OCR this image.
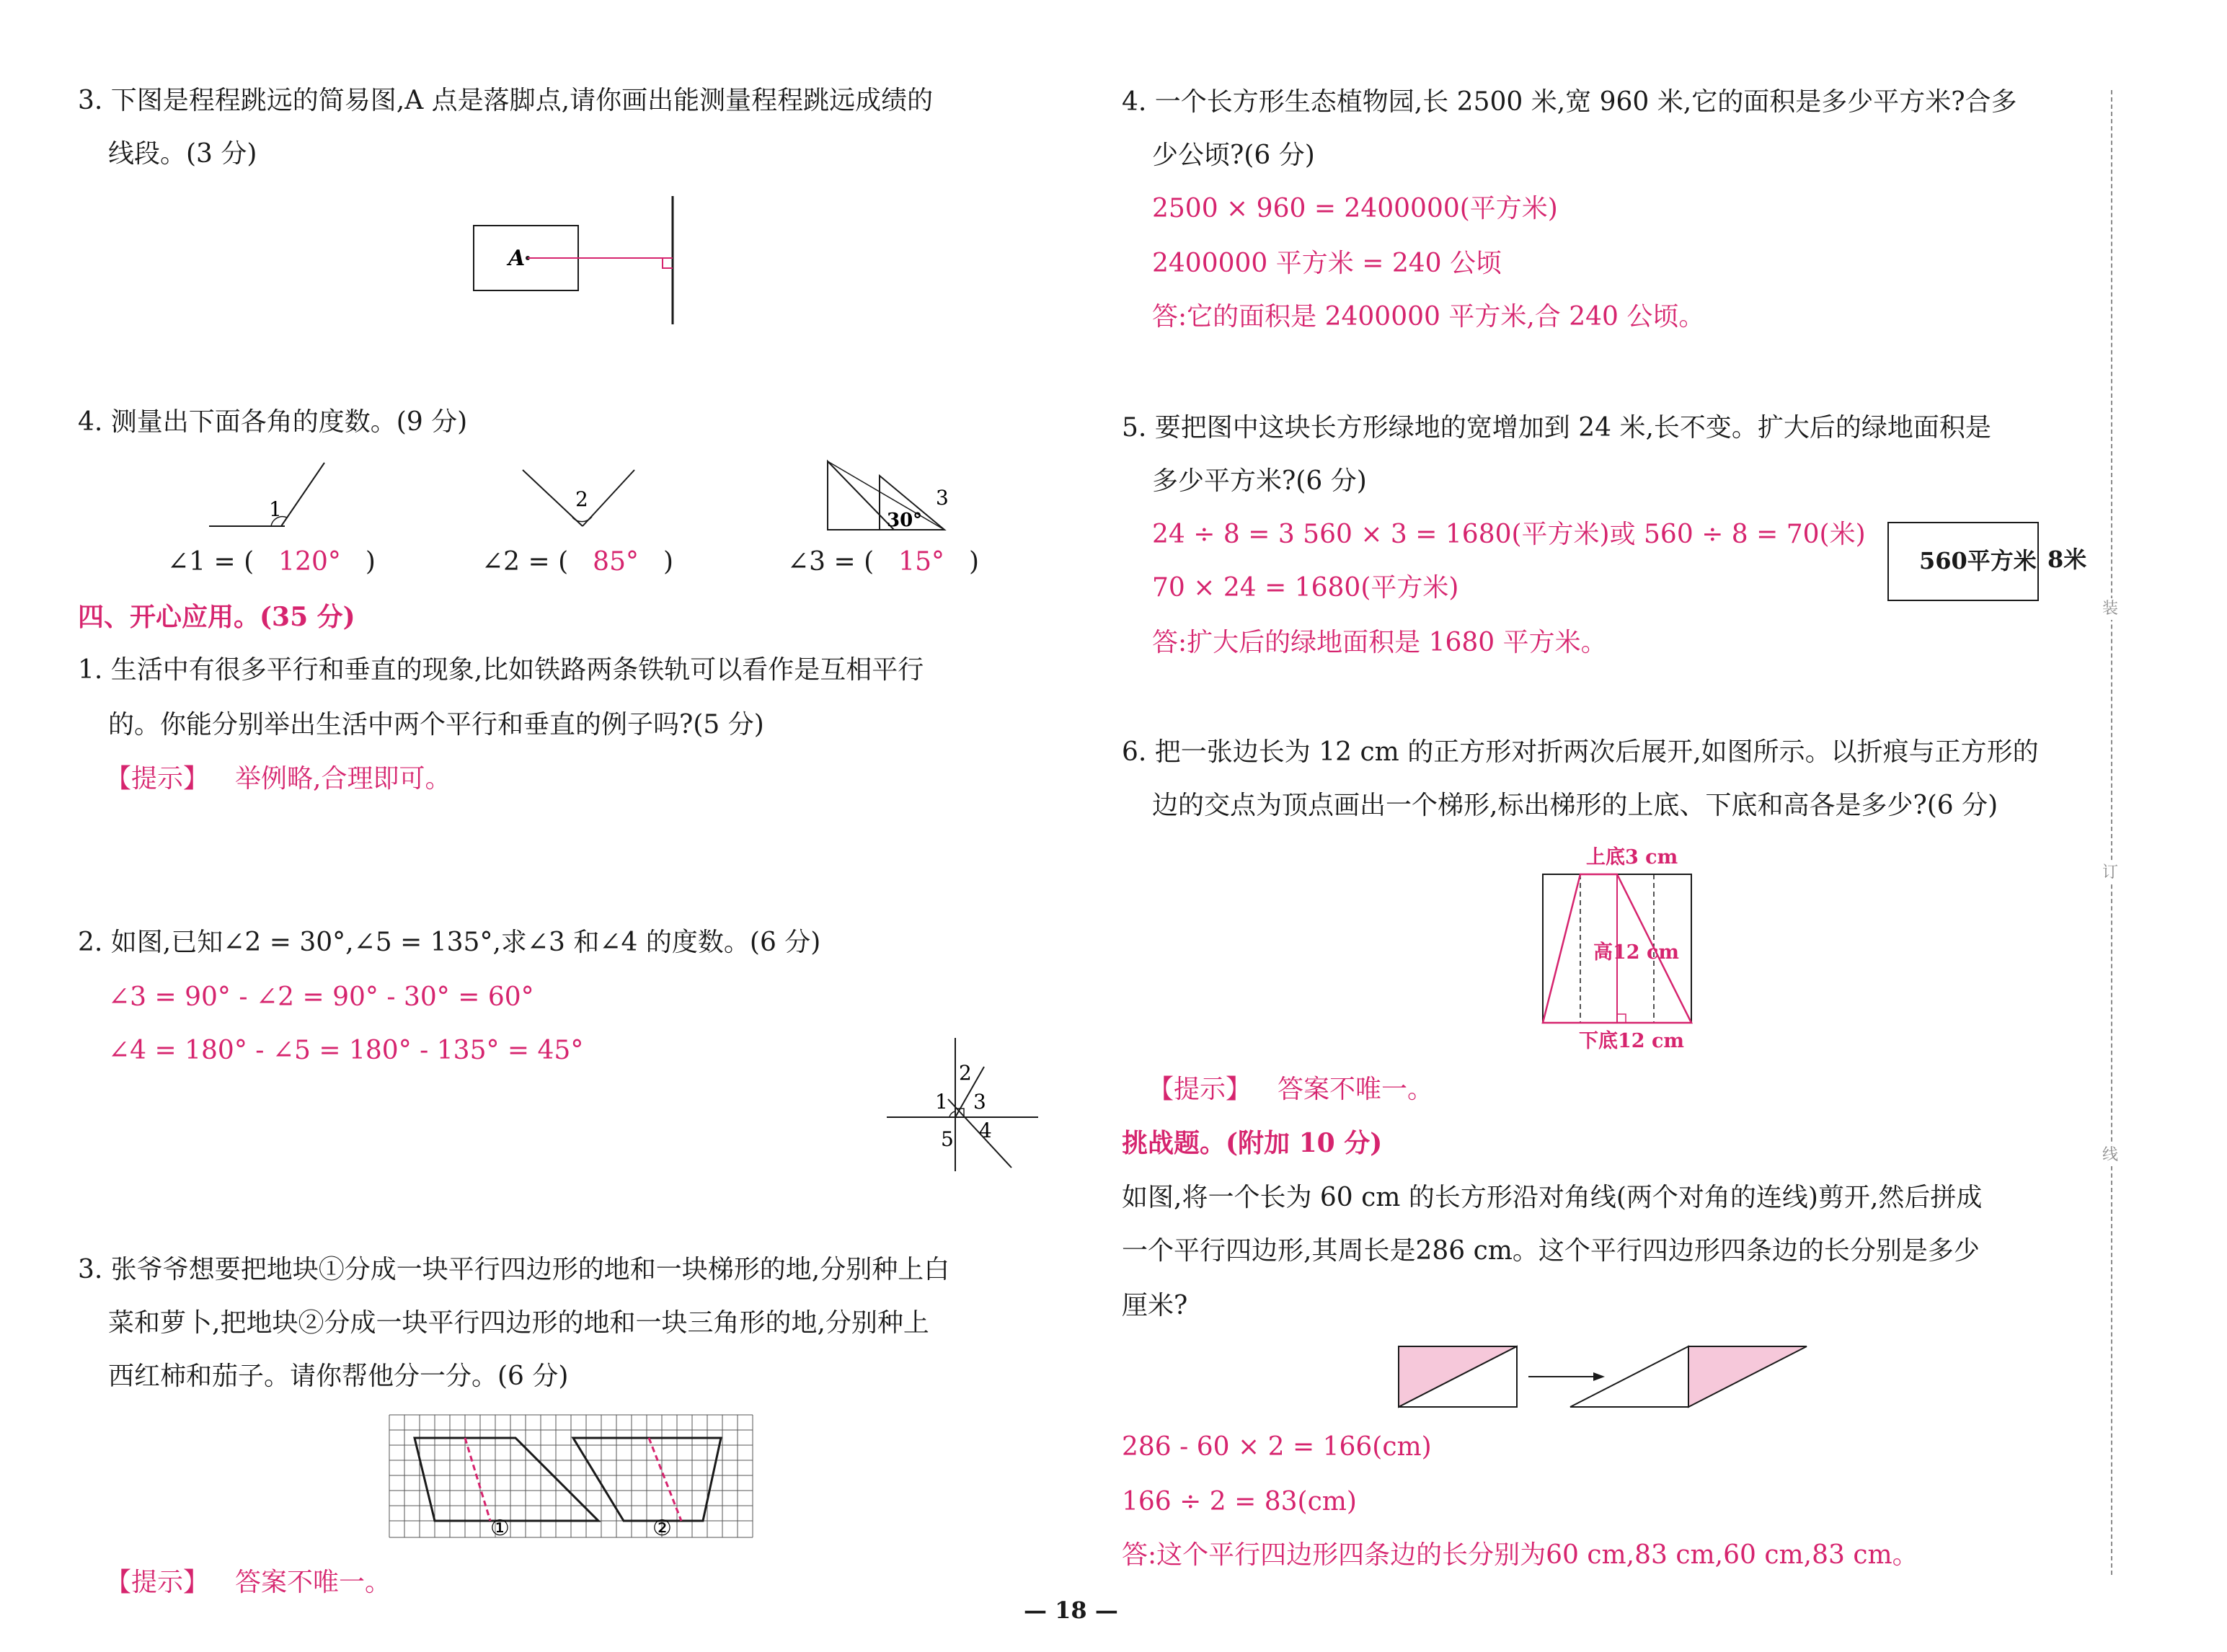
3. 下图是程程跳远的简易图,A 点是落脚点,请你画出能测量程程跳远成绩的
线段。(3 分)
A
4. 测量出下面各角的度数。(9 分)
1	2
30°
3
∠1 = ( 120° )	∠2 = ( 85° )	∠3 = ( 15° )
四、开心应用。(35 分)
1. 生活中有很多平行和垂直的现象,比如铁路两条铁轨可以看作是互相平行
的。你能分别举出生活中两个平行和垂直的例子吗?(5 分)
【提示】 举例略,合理即可。
2. 如图,已知∠2 = 30°,∠5 = 135°,求∠3 和∠4 的度数。(6 分)
∠3 = 90° - ∠2 = 90° - 30° = 60°
∠4 = 180° - ∠5 = 180° - 135° = 45°
1
2
3
4
5
3. 张爷爷想要把地块①分成一块平行四边形的地和一块梯形的地,分别种上白
菜和萝卜,把地块②分成一块平行四边形的地和一块三角形的地,分别种上
西红柿和茄子。请你帮他分一分。(6 分)
①	②
【提示】 答案不唯一。
4. 一个长方形生态植物园,长 2500 米,宽 960 米,它的面积是多少平方米?合多
少公顷?(6 分)
2500 × 960 = 2400000(平方米)
2400000 平方米 = 240 公顷
答:它的面积是 2400000 平方米,合 240 公顷。
5. 要把图中这块长方形绿地的宽增加到 24 米,长不变。扩大后的绿地面积是
多少平方米?(6 分)
24 ÷ 8 = 3 560 × 3 = 1680(平方米)或 560 ÷ 8 = 70(米)
70 × 24 = 1680(平方米)
答:扩大后的绿地面积是 1680 平方米。
560平方米 8米
6. 把一张边长为 12 cm 的正方形对折两次后展开,如图所示。以折痕与正方形的
边的交点为顶点画出一个梯形,标出梯形的上底、下底和高各是多少?(6 分)
上底3 cm
高12 cm
下底12 cm
【提示】 答案不唯一。
挑战题。(附加 10 分)
如图,将一个长为 60 cm 的长方形沿对角线(两个对角的连线)剪开,然后拼成
一个平行四边形,其周长是286 cm。这个平行四边形四条边的长分别是多少
厘米?
286 - 60 × 2 = 166(cm)
166 ÷ 2 = 83(cm)
答:这个平行四边形四条边的长分别为60 cm,83 cm,60 cm,83 cm。
装
订
线
— 18 —
